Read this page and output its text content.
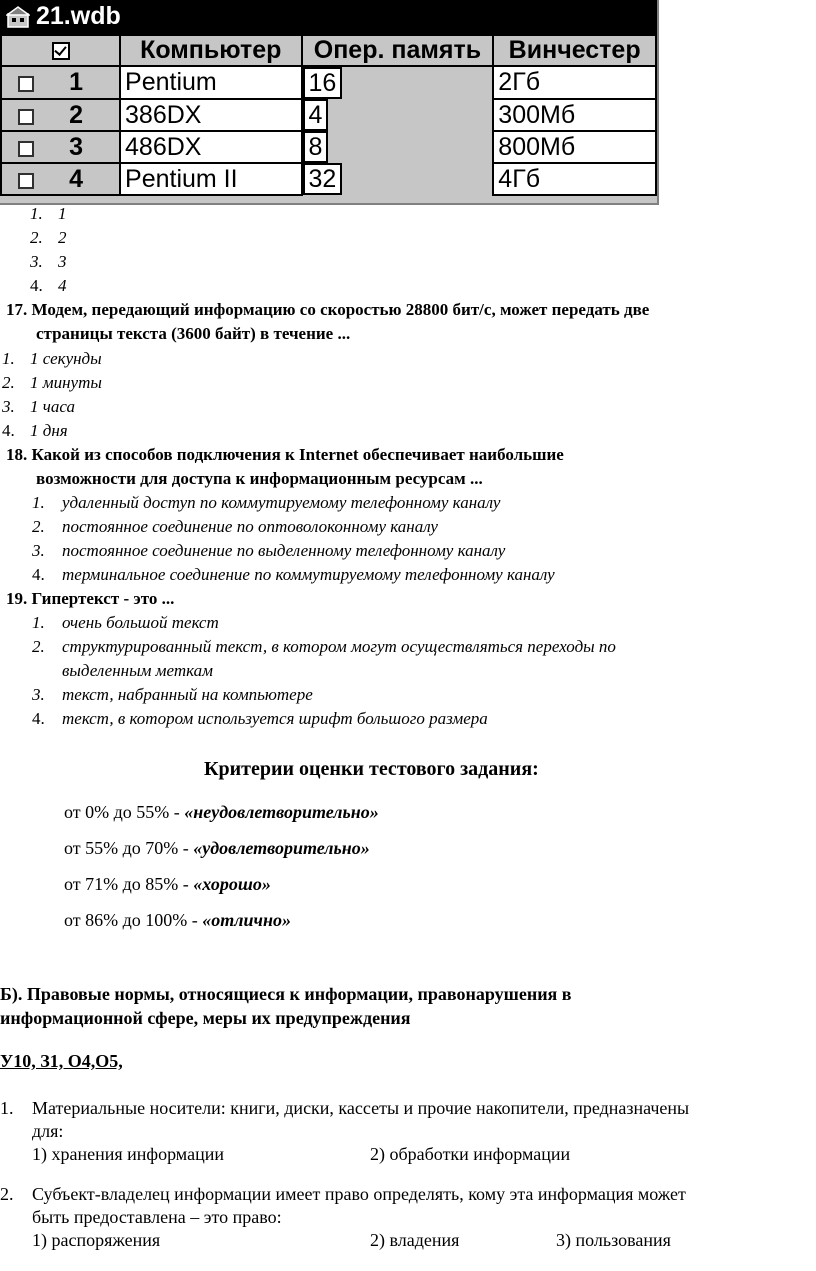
21.wdb
	Компьютер	Опер. память	Винчестер

1	Pentium		16	2Гб

2	386DX		4	300Мб

3	486DX		8	800Мб

4	Pentium II		32	4Гб
1. 1
2. 2
3. 3
4. 4
17. Модем, передающий информацию со скоростью 28800 бит/с, может передать две
страницы текста (3600 байт) в течение ...
1. 1 секунды
2. 1 минуты
3. 1 часа
4. 1 дня
18. Какой из способов подключения к Internet обеспечивает наибольшие
возможности для доступа к информационным ресурсам ...
1. удаленный доступ по коммутируемому телефонному каналу
2. постоянное соединение по оптоволоконному каналу
3. постоянное соединение по выделенному телефонному каналу
4. терминальное соединение по коммутируемому телефонному каналу
19. Гипертекст - это ...
1. очень большой текст
2. структурированный текст, в котором могут осуществляться переходы по
выделенным меткам
3. текст, набранный на компьютере
4. текст, в котором используется шрифт большого размера
Критерии оценки тестового задания:
от 0% до 55% - «неудовлетворительно»
от 55% до 70% - «удовлетворительно»
от 71% до 85% - «хорошо»
от 86% до 100% - «отлично»
Б). Правовые нормы, относящиеся к информации, правонарушения в
информационной сфере, меры их предупреждения
У10, З1, О4,О5,
1. Материальные носители: книги, диски, кассеты и прочие накопители, предназначены
для:
1) хранения информации	2) обработки информации
2. Субъект-владелец информации имеет право определять, кому эта информация может
быть предоставлена – это право:
1) распоряжения	2) владения	3) пользования
